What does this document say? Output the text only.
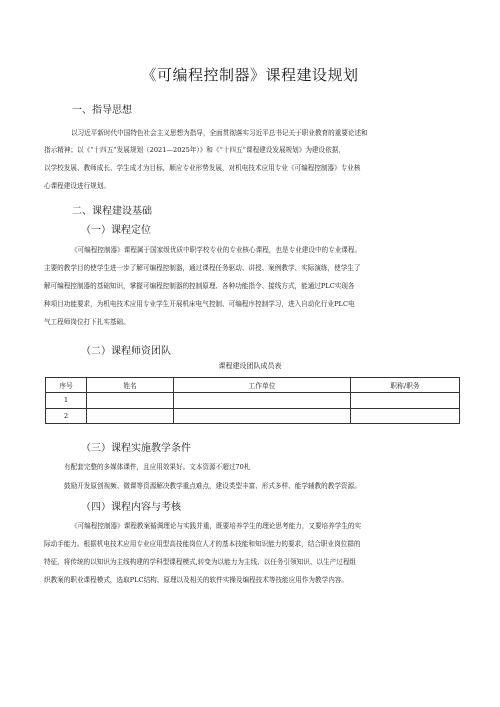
《可编程控制器》课程建设规划
一、指导思想
以习近平新时代中国特色社会主义思想为指导，全面贯彻落实习近平总书记关于职业教育的重要论述和
指示精神；以《“十四五”发展规划（2021—2025年）》和《“十四五”课程建设发展规划》为建设依据，
以学校发展、教师成长、学生成才为目标，顺应专业形势发展，对机电技术应用专业《可编程控制器》专业核
心课程建设进行规划。
二、课程建设基础
（一）课程定位
《可编程控制器》课程属于国家级优质中职学校专业的专业核心课程，也是专业建设中的专业课程。
主要的教学目的使学生进一步了解可编程控制器，通过课程任务驱动、讲授、案例教学、实际演练，使学生了
解可编程控制器的基础知识，掌握可编程控制器的控制原理、各种功能指令、接线方式，能通过PLC实现各
种项目功能要求，为机电技术应用专业学生开展机床电气控制、可编程序控制学习，进入自动化行业PLC电
气工程师岗位打下扎实基础。
（二）课程师资团队
课程建设团队成员表
序号	姓名	工作单位	职称/职务
1			
2			
（三）课程实施教学条件
有配套完整的多媒体课件，且应用效果好。文本资源不超过70札
鼓励开发原创视频、微课等资源解决教学重点难点，建设类型丰富、形式多样、能学辅教的教学资源。
（四）课程内容与考核
《可编程控制器》课程教案循调理论与实践并重，既要培养学生的理论思考能力，又要培养学生的实
际动手能力。根据机电技术应用专业应用型高技能岗位人才的基本技能和知识能力的要求，结合职业岗位群的
特征，将传统的以知识为主线构建的学科型课程模式,转变为以能力为主线、以任务引领知识、以生产过程组
织教案的职业课程模式，选取PLC结构、原理以及相关的软件实操及编程技术等技能应用作为教学内容。
